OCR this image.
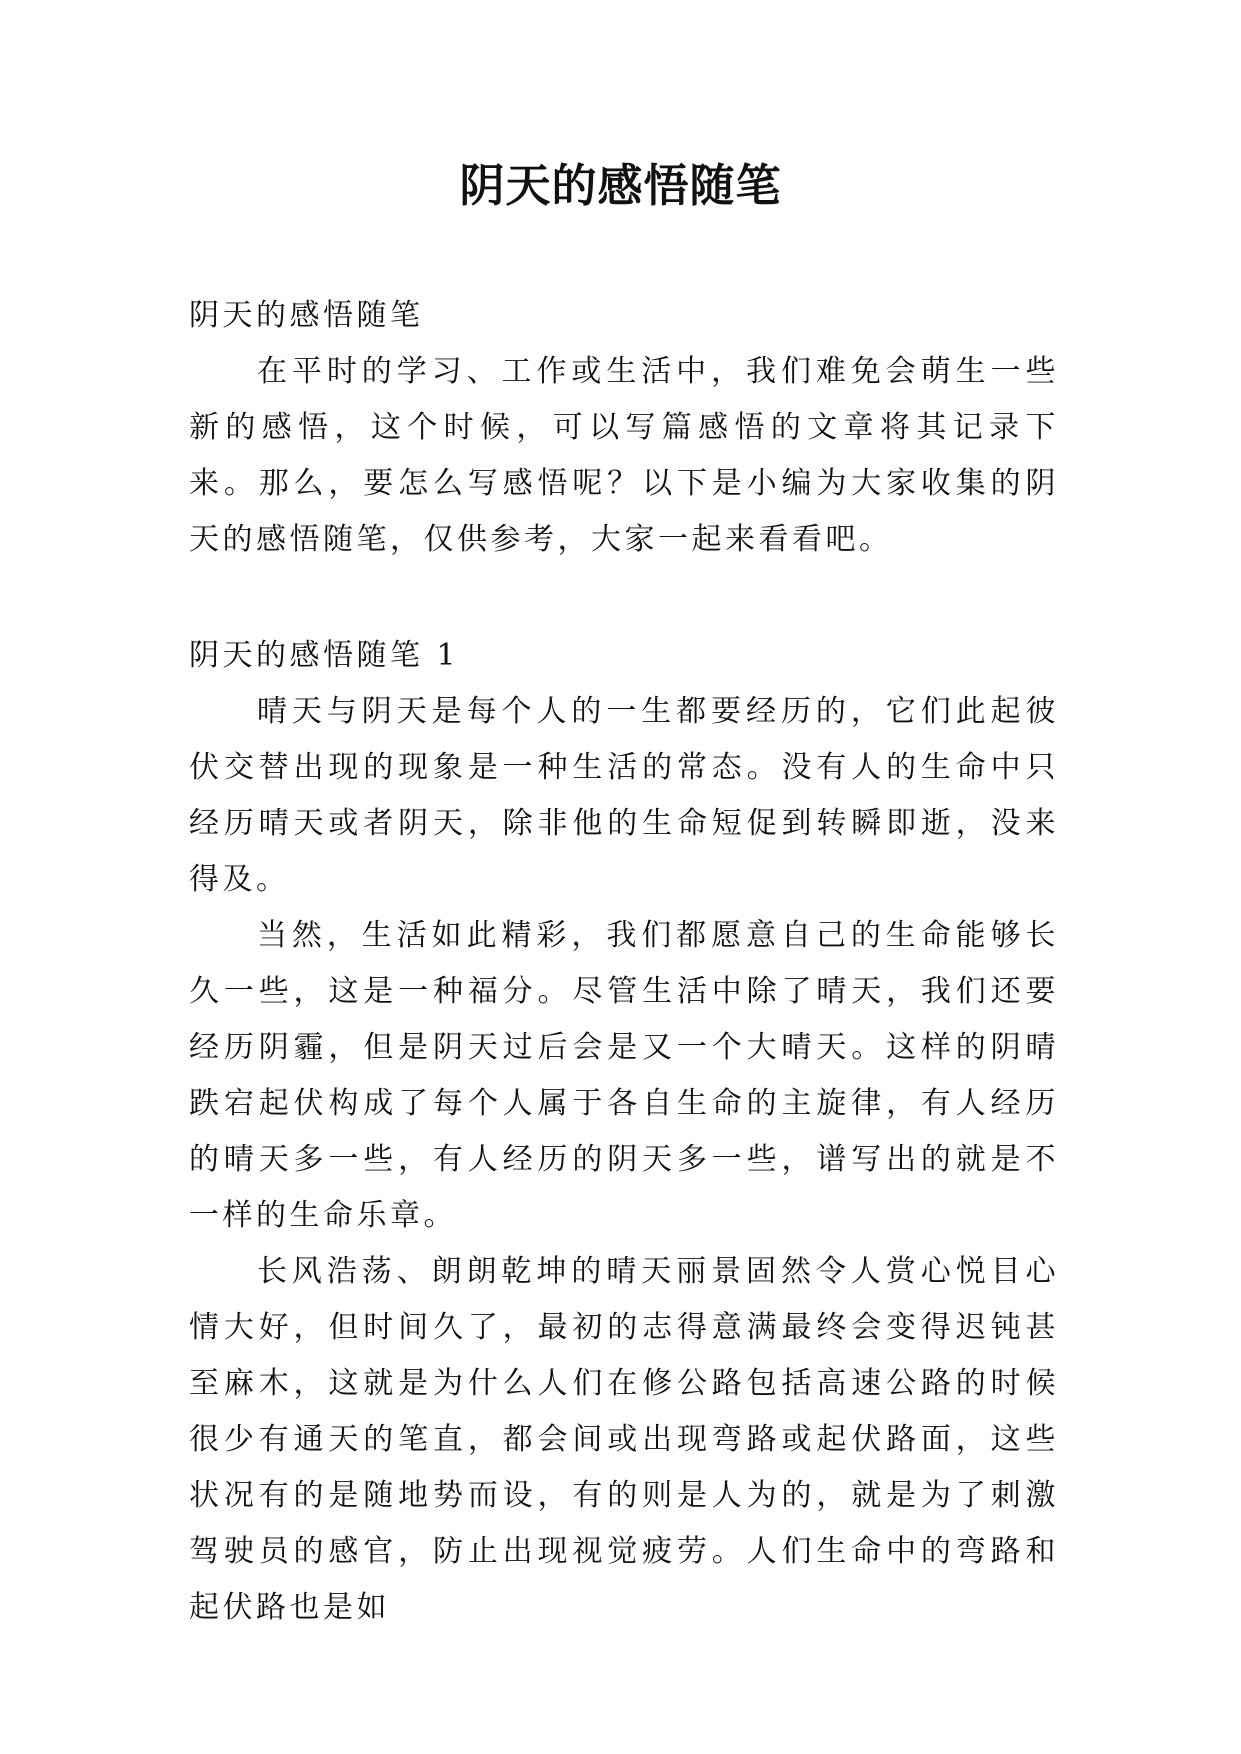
阴天的感悟随笔

阴天的感悟随笔

在平时的学习、工作或生活中，我们难免会萌生一些新的感悟，这个时候，可以写篇感悟的文章将其记录下来。那么，要怎么写感悟呢？以下是小编为大家收集的阴天的感悟随笔，仅供参考，大家一起来看看吧。

阴天的感悟随笔 1

晴天与阴天是每个人的一生都要经历的，它们此起彼伏交替出现的现象是一种生活的常态。没有人的生命中只经历晴天或者阴天，除非他的生命短促到转瞬即逝，没来得及。

当然，生活如此精彩，我们都愿意自己的生命能够长久一些，这是一种福分。尽管生活中除了晴天，我们还要经历阴霾，但是阴天过后会是又一个大晴天。这样的阴晴跌宕起伏构成了每个人属于各自生命的主旋律，有人经历的晴天多一些，有人经历的阴天多一些，谱写出的就是不一样的生命乐章。

长风浩荡、朗朗乾坤的晴天丽景固然令人赏心悦目心情大好，但时间久了，最初的志得意满最终会变得迟钝甚至麻木，这就是为什么人们在修公路包括高速公路的时候很少有通天的笔直，都会间或出现弯路或起伏路面，这些状况有的是随地势而设，有的则是人为的，就是为了刺激驾驶员的感官，防止出现视觉疲劳。人们生命中的弯路和起伏路也是如
